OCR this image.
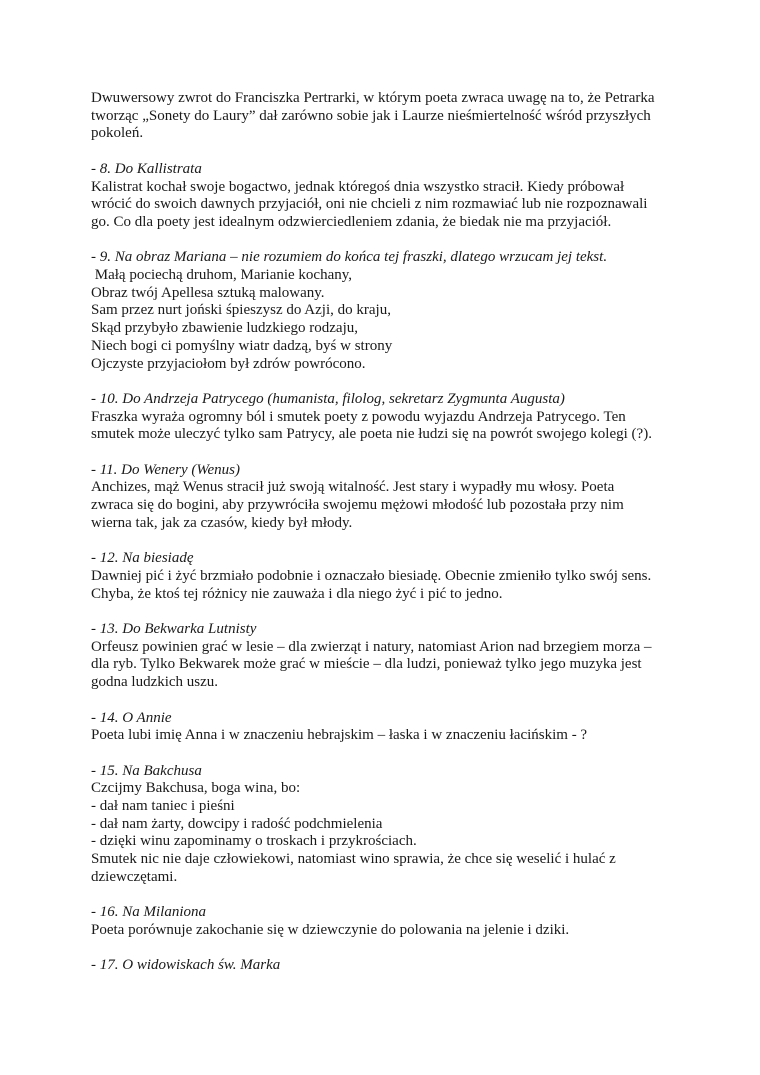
Dwuwersowy zwrot do Franciszka Pertrarki, w którym poeta zwraca uwagę na to, że Petrarka
tworząc „Sonety do Laury” dał zarówno sobie jak i Laurze nieśmiertelność wśród przyszłych
pokoleń.
- 8. Do Kallistrata
Kalistrat kochał swoje bogactwo, jednak któregoś dnia wszystko stracił. Kiedy próbował
wrócić do swoich dawnych przyjaciół, oni nie chcieli z nim rozmawiać lub nie rozpoznawali
go. Co dla poety jest idealnym odzwierciedleniem zdania, że biedak nie ma przyjaciół.
- 9. Na obraz Mariana – nie rozumiem do końca tej fraszki, dlatego wrzucam jej tekst.
Małą pociechą druhom, Marianie kochany,
Obraz twój Apellesa sztuką malowany.
Sam przez nurt joński śpieszysz do Azji, do kraju,
Skąd przybyło zbawienie ludzkiego rodzaju,
Niech bogi ci pomyślny wiatr dadzą, byś w strony
Ojczyste przyjaciołom był zdrów powrócono.
- 10. Do Andrzeja Patrycego (humanista, filolog, sekretarz Zygmunta Augusta)
Fraszka wyraża ogromny ból i smutek poety z powodu wyjazdu Andrzeja Patrycego. Ten
smutek może uleczyć tylko sam Patrycy, ale poeta nie łudzi się na powrót swojego kolegi (?).
- 11. Do Wenery (Wenus)
Anchizes, mąż Wenus stracił już swoją witalność. Jest stary i wypadły mu włosy. Poeta
zwraca się do bogini, aby przywróciła swojemu mężowi młodość lub pozostała przy nim
wierna tak, jak za czasów, kiedy był młody.
- 12. Na biesiadę
Dawniej pić i żyć brzmiało podobnie i oznaczało biesiadę. Obecnie zmieniło tylko swój sens.
Chyba, że ktoś tej różnicy nie zauważa i dla niego żyć i pić to jedno.
- 13. Do Bekwarka Lutnisty
Orfeusz powinien grać w lesie – dla zwierząt i natury, natomiast Arion nad brzegiem morza –
dla ryb. Tylko Bekwarek może grać w mieście – dla ludzi, ponieważ tylko jego muzyka jest
godna ludzkich uszu.
- 14. O Annie
Poeta lubi imię Anna i w znaczeniu hebrajskim – łaska i w znaczeniu łacińskim - ?
- 15. Na Bakchusa
Czcijmy Bakchusa, boga wina, bo:
- dał nam taniec i pieśni
- dał nam żarty, dowcipy i radość podchmielenia
- dzięki winu zapominamy o troskach i przykrościach.
Smutek nic nie daje człowiekowi, natomiast wino sprawia, że chce się weselić i hulać z
dziewczętami.
- 16. Na Milaniona
Poeta porównuje zakochanie się w dziewczynie do polowania na jelenie i dziki.
- 17. O widowiskach św. Marka
